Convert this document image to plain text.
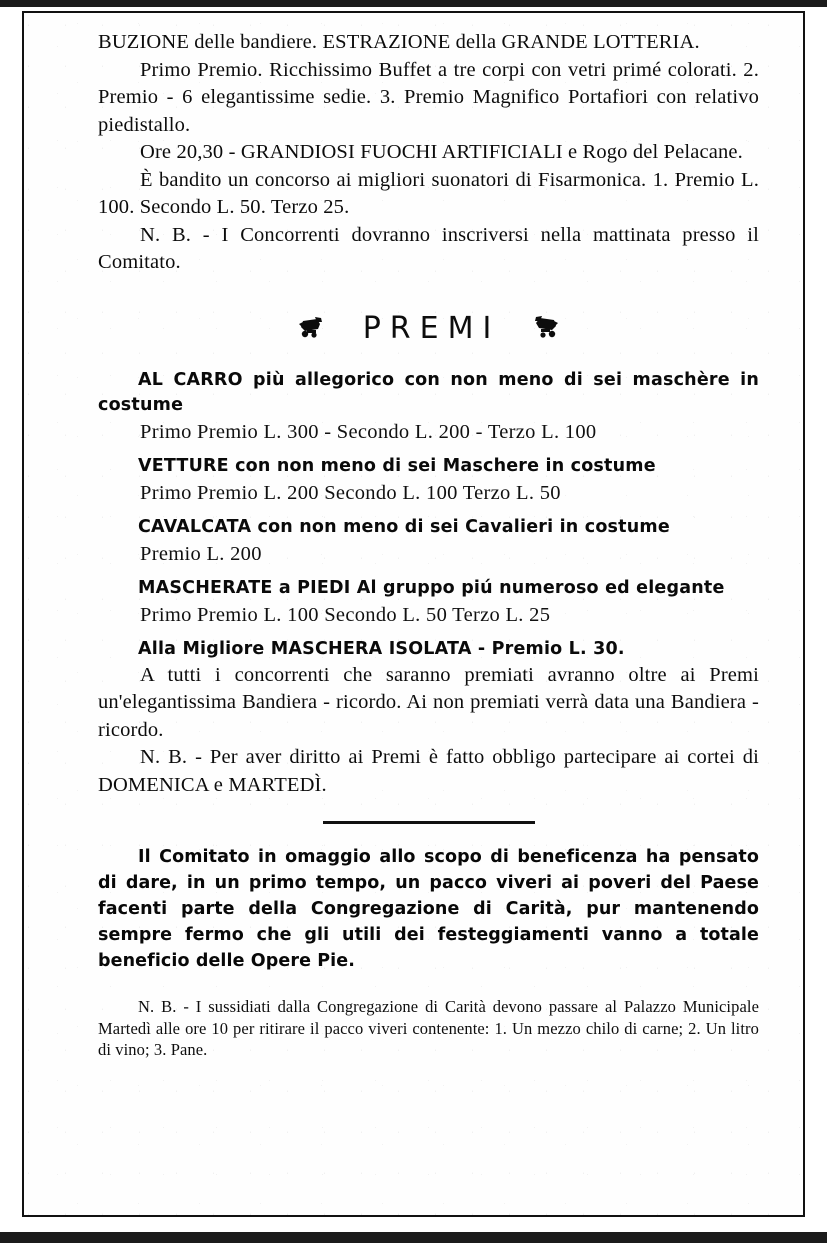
BUZIONE delle bandiere. ESTRAZIONE della GRANDE LOTTERIA.

Primo Premio. Ricchissimo Buffet a tre corpi con vetri primé colorati. 2. Premio - 6 elegantissime sedie. 3. Premio Magnifico Portafiori con relativo piedistallo.

Ore 20,30 - GRANDIOSI FUOCHI ARTIFICIALI e Rogo del Pelacane.

È bandito un concorso ai migliori suonatori di Fisarmonica. 1. Premio L. 100. Secondo L. 50. Terzo 25.

N. B. - I Concorrenti dovranno inscriversi nella mattinata presso il Comitato.

PREMI

AL CARRO più allegorico con non meno di sei maschère in costume

Primo Premio L. 300 - Secondo L. 200 - Terzo L. 100

VETTURE con non meno di sei Maschere in costume

Primo Premio L. 200 Secondo L. 100 Terzo L. 50

CAVALCATA con non meno di sei Cavalieri in costume

Premio L. 200

MASCHERATE a PIEDI Al gruppo piú numeroso ed elegante

Primo Premio L. 100 Secondo L. 50 Terzo L. 25

Alla Migliore MASCHERA ISOLATA - Premio L. 30.

A tutti i concorrenti che saranno premiati avranno oltre ai Premi un'elegantissima Bandiera - ricordo. Ai non premiati verrà data una Bandiera - ricordo.

N. B. - Per aver diritto ai Premi è fatto obbligo partecipare ai cortei di DOMENICA e MARTEDÌ.

Il Comitato in omaggio allo scopo di beneficenza ha pensato di dare, in un primo tempo, un pacco viveri ai poveri del Paese facenti parte della Congregazione di Carità, pur mantenendo sempre fermo che gli utili dei festeggiamenti vanno a totale beneficio delle Opere Pie.

N. B. - I sussidiati dalla Congregazione di Carità devono passare al Palazzo Municipale Martedì alle ore 10 per ritirare il pacco viveri contenente: 1. Un mezzo chilo di carne; 2. Un litro di vino; 3. Pane.
